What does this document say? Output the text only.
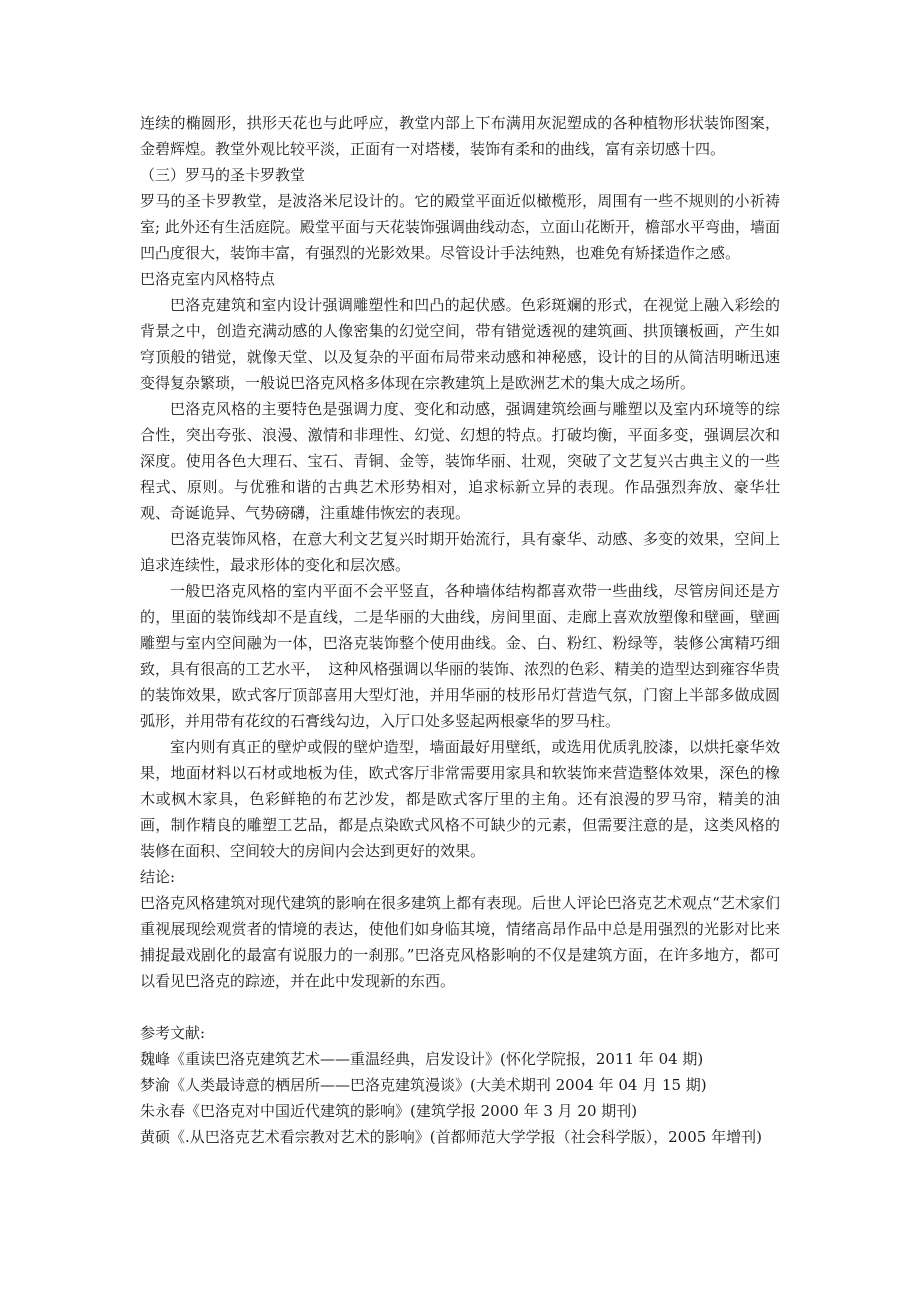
连续的椭圆形，拱形天花也与此呼应，教堂内部上下布满用灰泥塑成的各种植物形状装饰图案，金碧辉煌。教堂外观比较平淡，正面有一对塔楼，装饰有柔和的曲线，富有亲切感十四。

（三）罗马的圣卡罗教堂

罗马的圣卡罗教堂，是波洛米尼设计的。它的殿堂平面近似橄榄形，周围有一些不规则的小祈祷室; 此外还有生活庭院。殿堂平面与天花装饰强调曲线动态，立面山花断开，檐部水平弯曲，墙面凹凸度很大，装饰丰富，有强烈的光影效果。尽管设计手法纯熟，也难免有矫揉造作之感。

巴洛克室内风格特点

巴洛克建筑和室内设计强调雕塑性和凹凸的起伏感。色彩斑斓的形式，在视觉上融入彩绘的背景之中，创造充满动感的人像密集的幻觉空间，带有错觉透视的建筑画、拱顶镶板画，产生如穹顶般的错觉，就像天堂、以及复杂的平面布局带来动感和神秘感，设计的目的从简洁明晰迅速变得复杂繁琐，一般说巴洛克风格多体现在宗教建筑上是欧洲艺术的集大成之场所。

巴洛克风格的主要特色是强调力度、变化和动感，强调建筑绘画与雕塑以及室内环境等的综合性，突出夸张、浪漫、激情和非理性、幻觉、幻想的特点。打破均衡，平面多变，强调层次和深度。使用各色大理石、宝石、青铜、金等，装饰华丽、壮观，突破了文艺复兴古典主义的一些程式、原则。与优雅和谐的古典艺术形势相对，追求标新立异的表现。作品强烈奔放、豪华壮观、奇诞诡异、气势磅礴，注重雄伟恢宏的表现。

巴洛克装饰风格，在意大利文艺复兴时期开始流行，具有豪华、动感、多变的效果，空间上追求连续性，最求形体的变化和层次感。

一般巴洛克风格的室内平面不会平竖直，各种墙体结构都喜欢带一些曲线，尽管房间还是方的，里面的装饰线却不是直线，二是华丽的大曲线，房间里面、走廊上喜欢放塑像和壁画，壁画雕塑与室内空间融为一体，巴洛克装饰整个使用曲线。金、白、粉红、粉绿等，装修公寓精巧细致，具有很高的工艺水平，　这种风格强调以华丽的装饰、浓烈的色彩、精美的造型达到雍容华贵的装饰效果，欧式客厅顶部喜用大型灯池，并用华丽的枝形吊灯营造气氛，门窗上半部多做成圆弧形，并用带有花纹的石膏线勾边，入厅口处多竖起两根豪华的罗马柱。

室内则有真正的壁炉或假的壁炉造型，墙面最好用壁纸，或选用优质乳胶漆，以烘托豪华效果，地面材料以石材或地板为佳，欧式客厅非常需要用家具和软装饰来营造整体效果，深色的橡木或枫木家具，色彩鲜艳的布艺沙发，都是欧式客厅里的主角。还有浪漫的罗马帘，精美的油画，制作精良的雕塑工艺品，都是点染欧式风格不可缺少的元素，但需要注意的是，这类风格的装修在面积、空间较大的房间内会达到更好的效果。

结论:

巴洛克风格建筑对现代建筑的影响在很多建筑上都有表现。后世人评论巴洛克艺术观点“艺术家们重视展现绘观赏者的情境的表达，使他们如身临其境，情绪高昂作品中总是用强烈的光影对比来捕捉最戏剧化的最富有说服力的一刹那。”巴洛克风格影响的不仅是建筑方面，在许多地方，都可以看见巴洛克的踪迹，并在此中发现新的东西。

参考文献:

魏峰《重读巴洛克建筑艺术——重温经典，启发设计》(怀化学院报，2011 年 04 期)

梦渝《人类最诗意的栖居所——巴洛克建筑漫谈》(大美术期刊 2004 年 04 月 15 期)

朱永春《巴洛克对中国近代建筑的影响》(建筑学报 2000 年 3 月 20 期刊)

黄硕《.从巴洛克艺术看宗教对艺术的影响》(首都师范大学学报（社会科学版），2005 年增刊)
